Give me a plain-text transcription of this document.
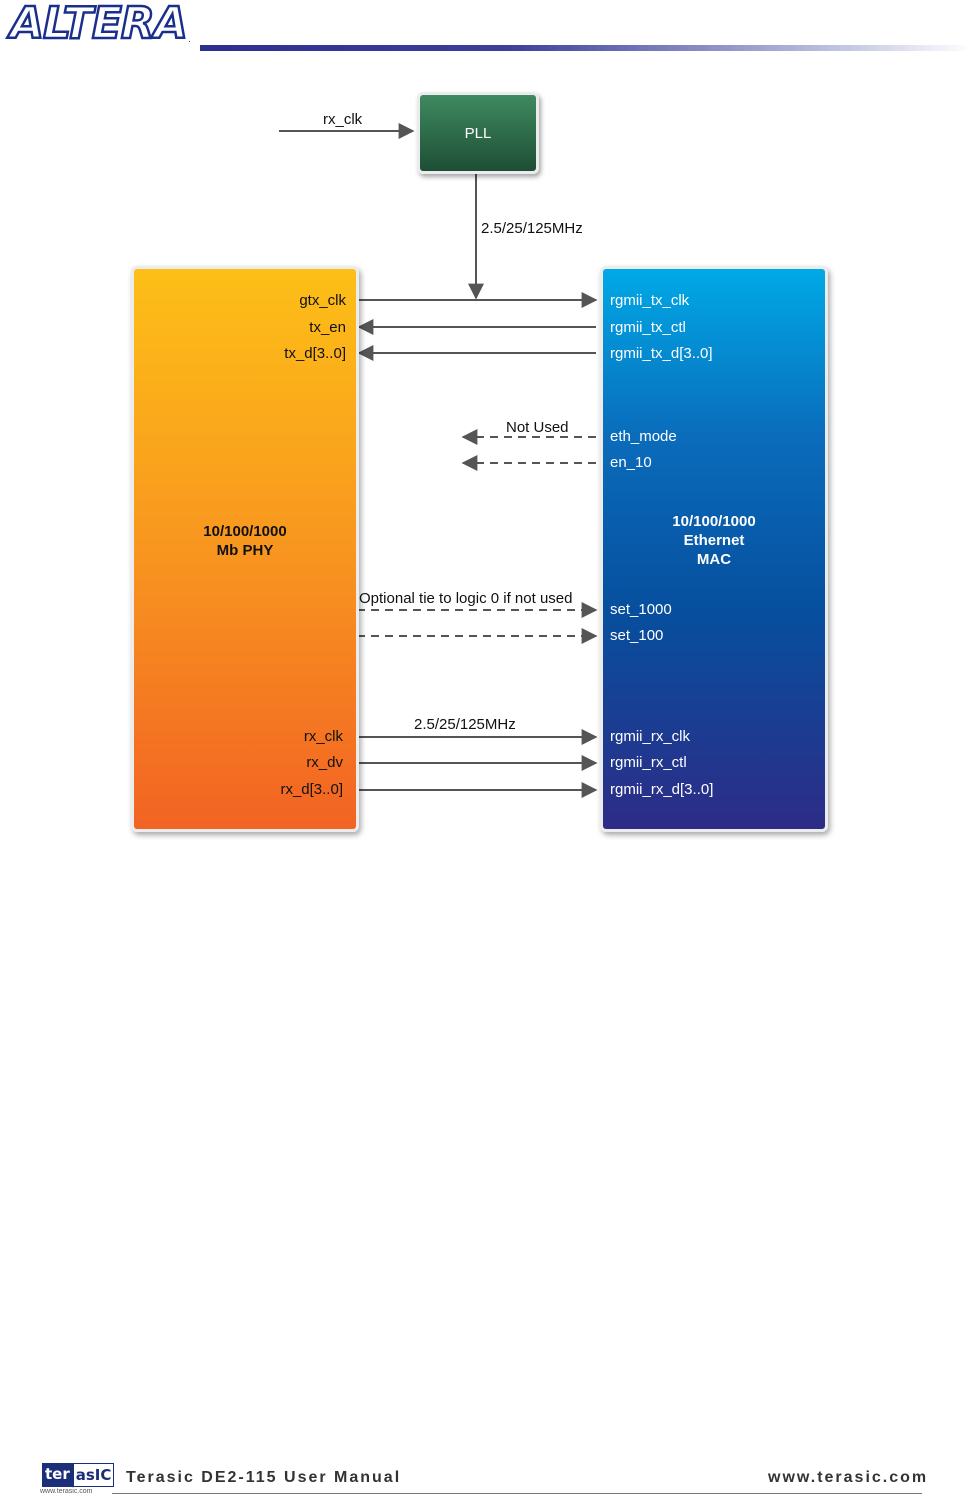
ALTERA .
PLL
rx_clk
2.5/25/125MHz
10/100/1000
Mb PHY
gtx_clk
tx_en
tx_d[3..0]
rx_clk
rx_dv
rx_d[3..0]
10/100/1000
Ethernet
MAC
rgmii_tx_clk
rgmii_tx_ctl
rgmii_tx_d[3..0]
eth_mode
en_10
set_1000
set_100
rgmii_rx_clk
rgmii_rx_ctl
rgmii_rx_d[3..0]
Not Used
Optional tie to logic 0 if not used
2.5/25/125MHz
ter asIC
www.terasic.com
Terasic DE2-115 User Manual	www.terasic.com
